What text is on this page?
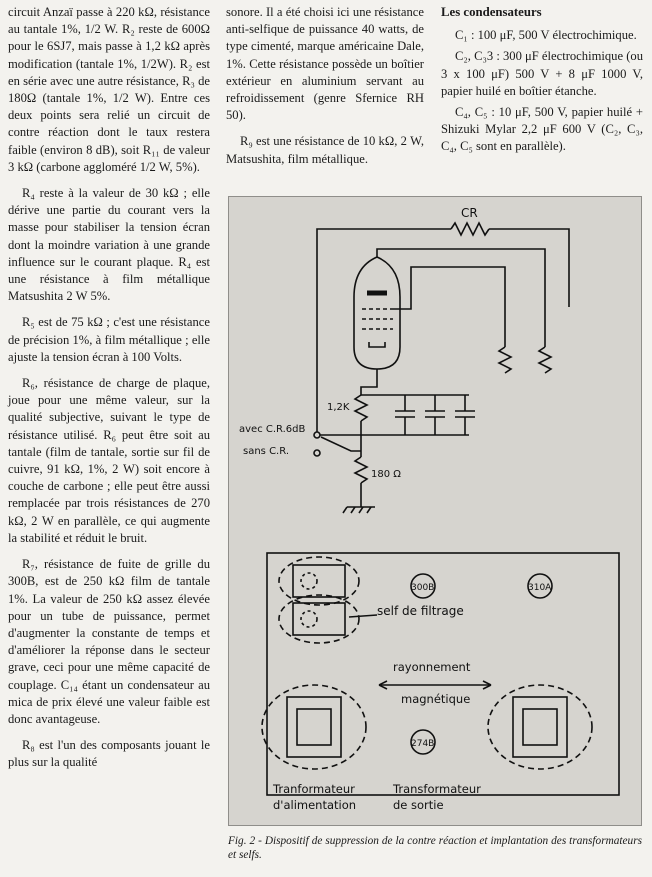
circuit Anzaï passe à 220 kΩ, résistance au tantale 1%, 1/2 W. R₂ reste de 600Ω pour le 6SJ7, mais passe à 1,2 kΩ après modification (tantale 1%, 1/2W). R₂ est en série avec une autre résistance, R₃ de 180Ω (tantale 1%, 1/2 W). Entre ces deux points sera relié un circuit de contre réaction dont le taux restera faible (environ 8 dB), soit R₁₁ de valeur 3 kΩ (carbone aggloméré 1/2 W, 5%).

R₄ reste à la valeur de 30 kΩ ; elle dérive une partie du courant vers la masse pour stabiliser la tension écran dont la moindre variation à une grande influence sur le courant plaque. R₄ est une résistance à film métallique Matsushita 2 W 5%.

R₅ est de 75 kΩ ; c'est une résistance de précision 1%, à film métallique ; elle ajuste la tension écran à 100 Volts.

R₆, résistance de charge de plaque, joue pour une même valeur, sur la qualité subjective, suivant le type de résistance utilisé. R₆ peut être soit au tantale (film de tantale, sortie sur fil de cuivre, 91 kΩ, 1%, 2 W) soit encore à couche de carbone ; elle peut être aussi remplacée par trois résistances de 270 kΩ, 2 W en parallèle, ce qui augmente la stabilité et réduit le bruit.

R₇, résistance de fuite de grille du 300B, est de 250 kΩ film de tantale 1%. La valeur de 250 kΩ assez élevée pour un tube de puissance, permet d'augmenter la constante de temps et d'améliorer la réponse dans le secteur grave, ceci pour une même capacité de couplage. C₁₄ étant un condensateur au mica de prix élevé une valeur faible est donc avantageuse.

R₈ est l'un des composants jouant le plus sur la qualité

sonore. Il a été choisi ici une résistance anti-selfique de puissance 40 watts, de type cimenté, marque américaine Dale, 1%. Cette résistance possède un boîtier extérieur en aluminium servant au refroidissement (genre Sfernice RH 50).

R₉ est une résistance de 10 kΩ, 2 W, Matsushita, film métallique.

Les condensateurs

C₁ : 100 μF, 500 V électrochimique.

C₂, C₃3 : 300 μF électrochimique (ou 3 x 100 μF) 500 V + 8 μF 1000 V, papier huilé en boîtier étanche.

C₄, C₅ : 10 μF, 500 V, papier huilé + Shizuki Mylar 2,2 μF 600 V (C₂, C₃, C₄, C₅ sont en parallèle).

CR
1,2K
avec C.R.6dB
sans C.R.
180 Ω
300B	310A
274B
self de filtrage
rayonnement
magnétique
Tranformateur
d'alimentation
Transformateur
de sortie
Fig. 2 - Dispositif de suppression de la contre réaction et implantation des transformateurs et selfs.
